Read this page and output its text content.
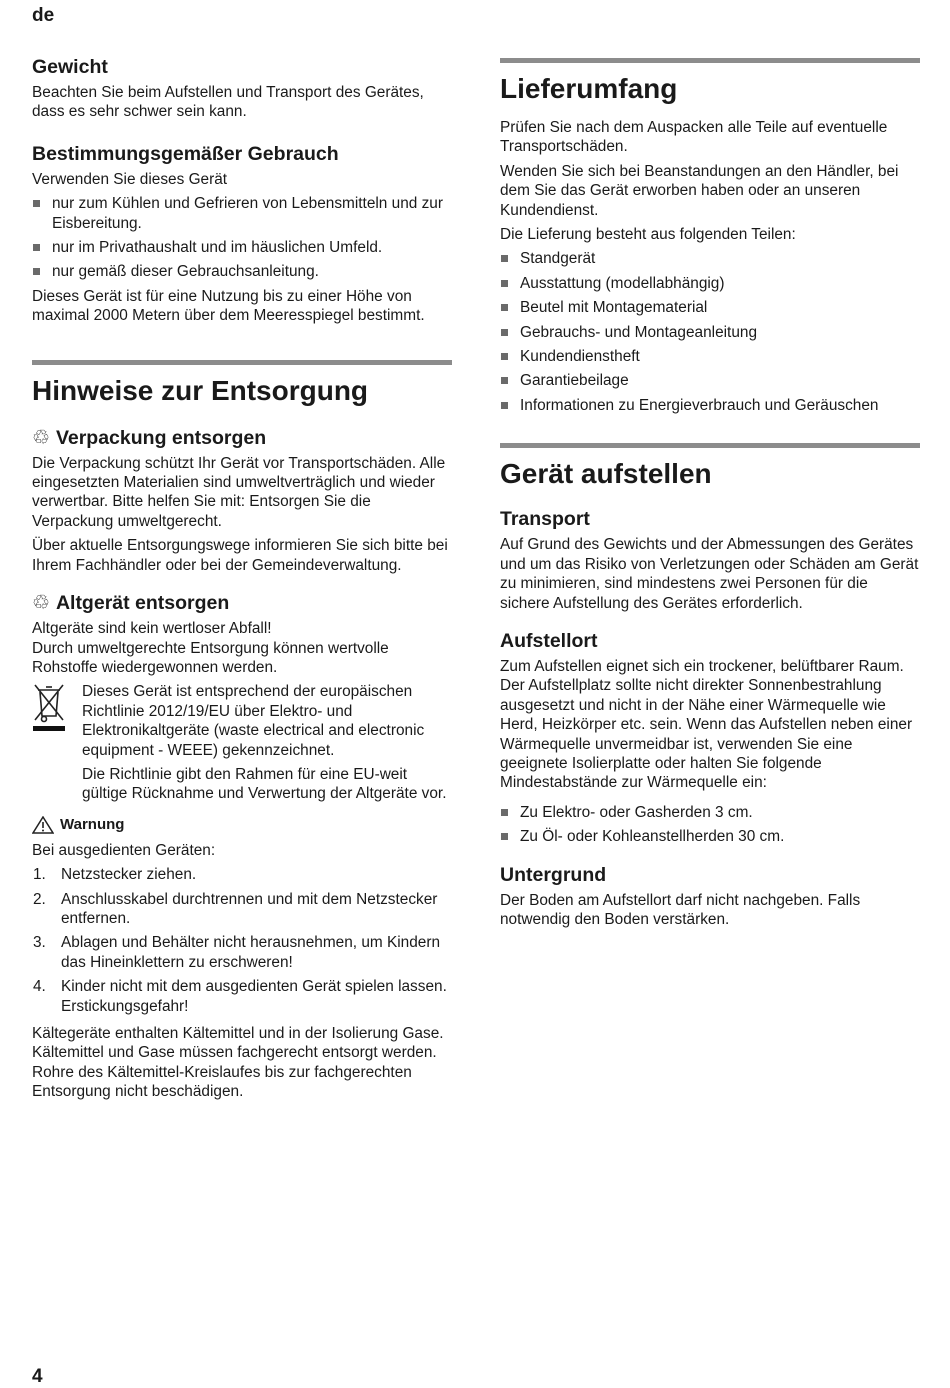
de
Gewicht

Beachten Sie beim Aufstellen und Transport des Gerätes, dass es sehr schwer sein kann.

Bestimmungsgemäßer Gebrauch

Verwenden Sie dieses Gerät

nur zum Kühlen und Gefrieren von Lebensmitteln und zur Eisbereitung.
nur im Privathaushalt und im häuslichen Umfeld.
nur gemäß dieser Gebrauchsanleitung.

Dieses Gerät ist für eine Nutzung bis zu einer Höhe von maximal 2000 Metern über dem Meeresspiegel bestimmt.

Hinweise zur Entsorgung
♲ Verpackung entsorgen

Die Verpackung schützt Ihr Gerät vor Transportschäden. Alle eingesetzten Materialien sind umweltverträglich und wieder verwertbar. Bitte helfen Sie mit: Entsorgen Sie die Verpackung umweltgerecht.

Über aktuelle Entsorgungswege informieren Sie sich bitte bei Ihrem Fachhändler oder bei der Gemeindeverwaltung.

♲ Altgerät entsorgen

Altgeräte sind kein wertloser Abfall!

Durch umweltgerechte Entsorgung können wertvolle Rohstoffe wiedergewonnen werden.

Dieses Gerät ist entsprechend der europäischen Richtlinie 2012/19/EU über Elektro- und Elektronikaltgeräte (waste electrical and electronic equipment - WEEE) gekennzeichnet.

Die Richtlinie gibt den Rahmen für eine EU-weit gültige Rücknahme und Verwertung der Altgeräte vor.

Warnung

Bei ausgedienten Geräten:

1. Netzstecker ziehen.
2. Anschlusskabel durchtrennen und mit dem Netzstecker entfernen.
3. Ablagen und Behälter nicht herausnehmen, um Kindern das Hineinklettern zu erschweren!
4. Kinder nicht mit dem ausgedienten Gerät spielen lassen. Erstickungsgefahr!

Kältegeräte enthalten Kältemittel und in der Isolierung Gase. Kältemittel und Gase müssen fachgerecht entsorgt werden. Rohre des Kältemittel-Kreislaufes bis zur fachgerechten Entsorgung nicht beschädigen.

Lieferumfang

Prüfen Sie nach dem Auspacken alle Teile auf eventuelle Transportschäden.

Wenden Sie sich bei Beanstandungen an den Händler, bei dem Sie das Gerät erworben haben oder an unseren Kundendienst.

Die Lieferung besteht aus folgenden Teilen:

Standgerät
Ausstattung (modellabhängig)
Beutel mit Montagematerial
Gebrauchs- und Montageanleitung
Kundendienstheft
Garantiebeilage
Informationen zu Energieverbrauch und Geräuschen
Gerät aufstellen
Transport

Auf Grund des Gewichts und der Abmessungen des Gerätes und um das Risiko von Verletzungen oder Schäden am Gerät zu minimieren, sind mindestens zwei Personen für die sichere Aufstellung des Gerätes erforderlich.

Aufstellort

Zum Aufstellen eignet sich ein trockener, belüftbarer Raum. Der Aufstellplatz sollte nicht direkter Sonnenbestrahlung ausgesetzt und nicht in der Nähe einer Wärmequelle wie Herd, Heizkörper etc. sein. Wenn das Aufstellen neben einer Wärmequelle unvermeidbar ist, verwenden Sie eine geeignete Isolierplatte oder halten Sie folgende Mindestabstände zur Wärmequelle ein:

Zu Elektro- oder Gasherden 3 cm.
Zu Öl- oder Kohleanstellherden 30 cm.
Untergrund

Der Boden am Aufstellort darf nicht nachgeben. Falls notwendig den Boden verstärken.

4
